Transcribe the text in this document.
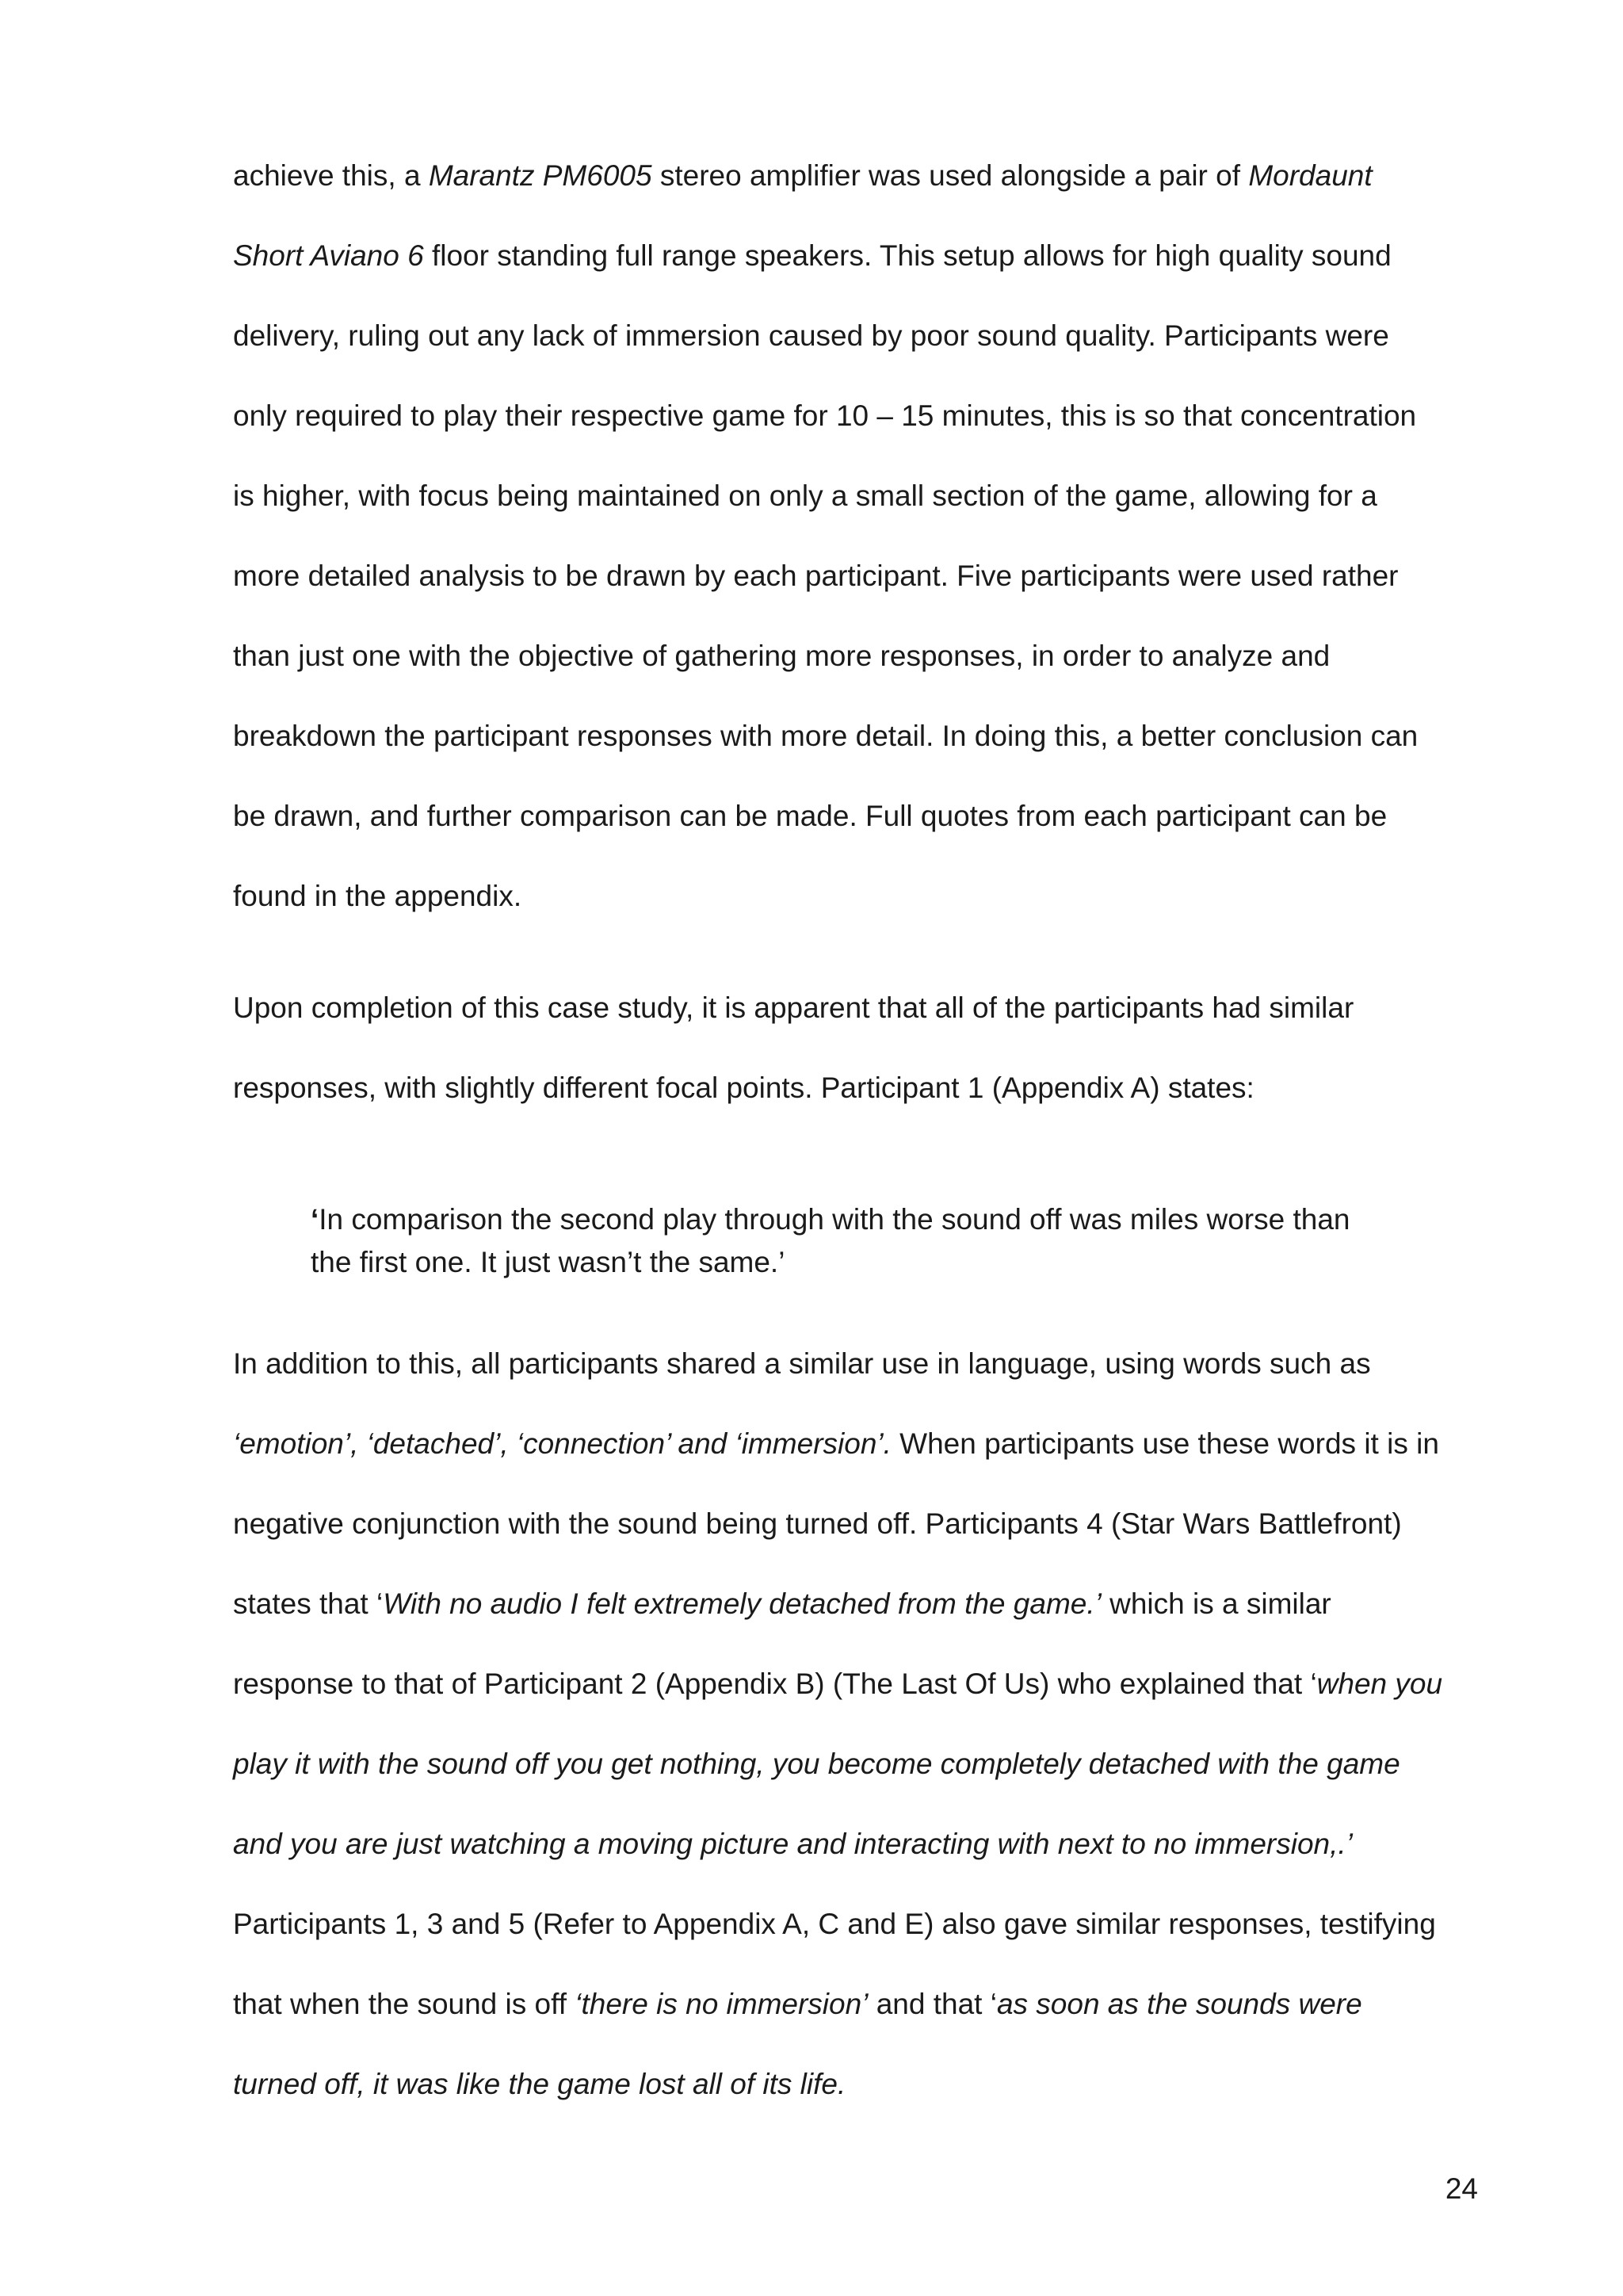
achieve this, a Marantz PM6005 stereo amplifier was used alongside a pair of Mordaunt
Short Aviano 6 floor standing full range speakers. This setup allows for high quality sound
delivery, ruling out any lack of immersion caused by poor sound quality. Participants were
only required to play their respective game for 10 – 15 minutes, this is so that concentration
is higher, with focus being maintained on only a small section of the game, allowing for a
more detailed analysis to be drawn by each participant. Five participants were used rather
than just one with the objective of gathering more responses, in order to analyze and
breakdown the participant responses with more detail. In doing this, a better conclusion can
be drawn, and further comparison can be made. Full quotes from each participant can be
found in the appendix.
Upon completion of this case study, it is apparent that all of the participants had similar
responses, with slightly different focal points. Participant 1 (Appendix A) states:
‘In comparison the second play through with the sound off was miles worse than
the first one. It just wasn’t the same.’
In addition to this, all participants shared a similar use in language, using words such as
‘emotion’, ‘detached’, ‘connection’ and ‘immersion’. When participants use these words it is in
negative conjunction with the sound being turned off. Participants 4 (Star Wars Battlefront)
states that ‘With no audio I felt extremely detached from the game.’ which is a similar
response to that of Participant 2 (Appendix B) (The Last Of Us) who explained that ‘when you
play it with the sound off you get nothing, you become completely detached with the game
and you are just watching a moving picture and interacting with next to no immersion,.’
Participants 1, 3 and 5 (Refer to Appendix A, C and E) also gave similar responses, testifying
that when the sound is off ‘there is no immersion’ and that ‘as soon as the sounds were
turned off, it was like the game lost all of its life.
24
